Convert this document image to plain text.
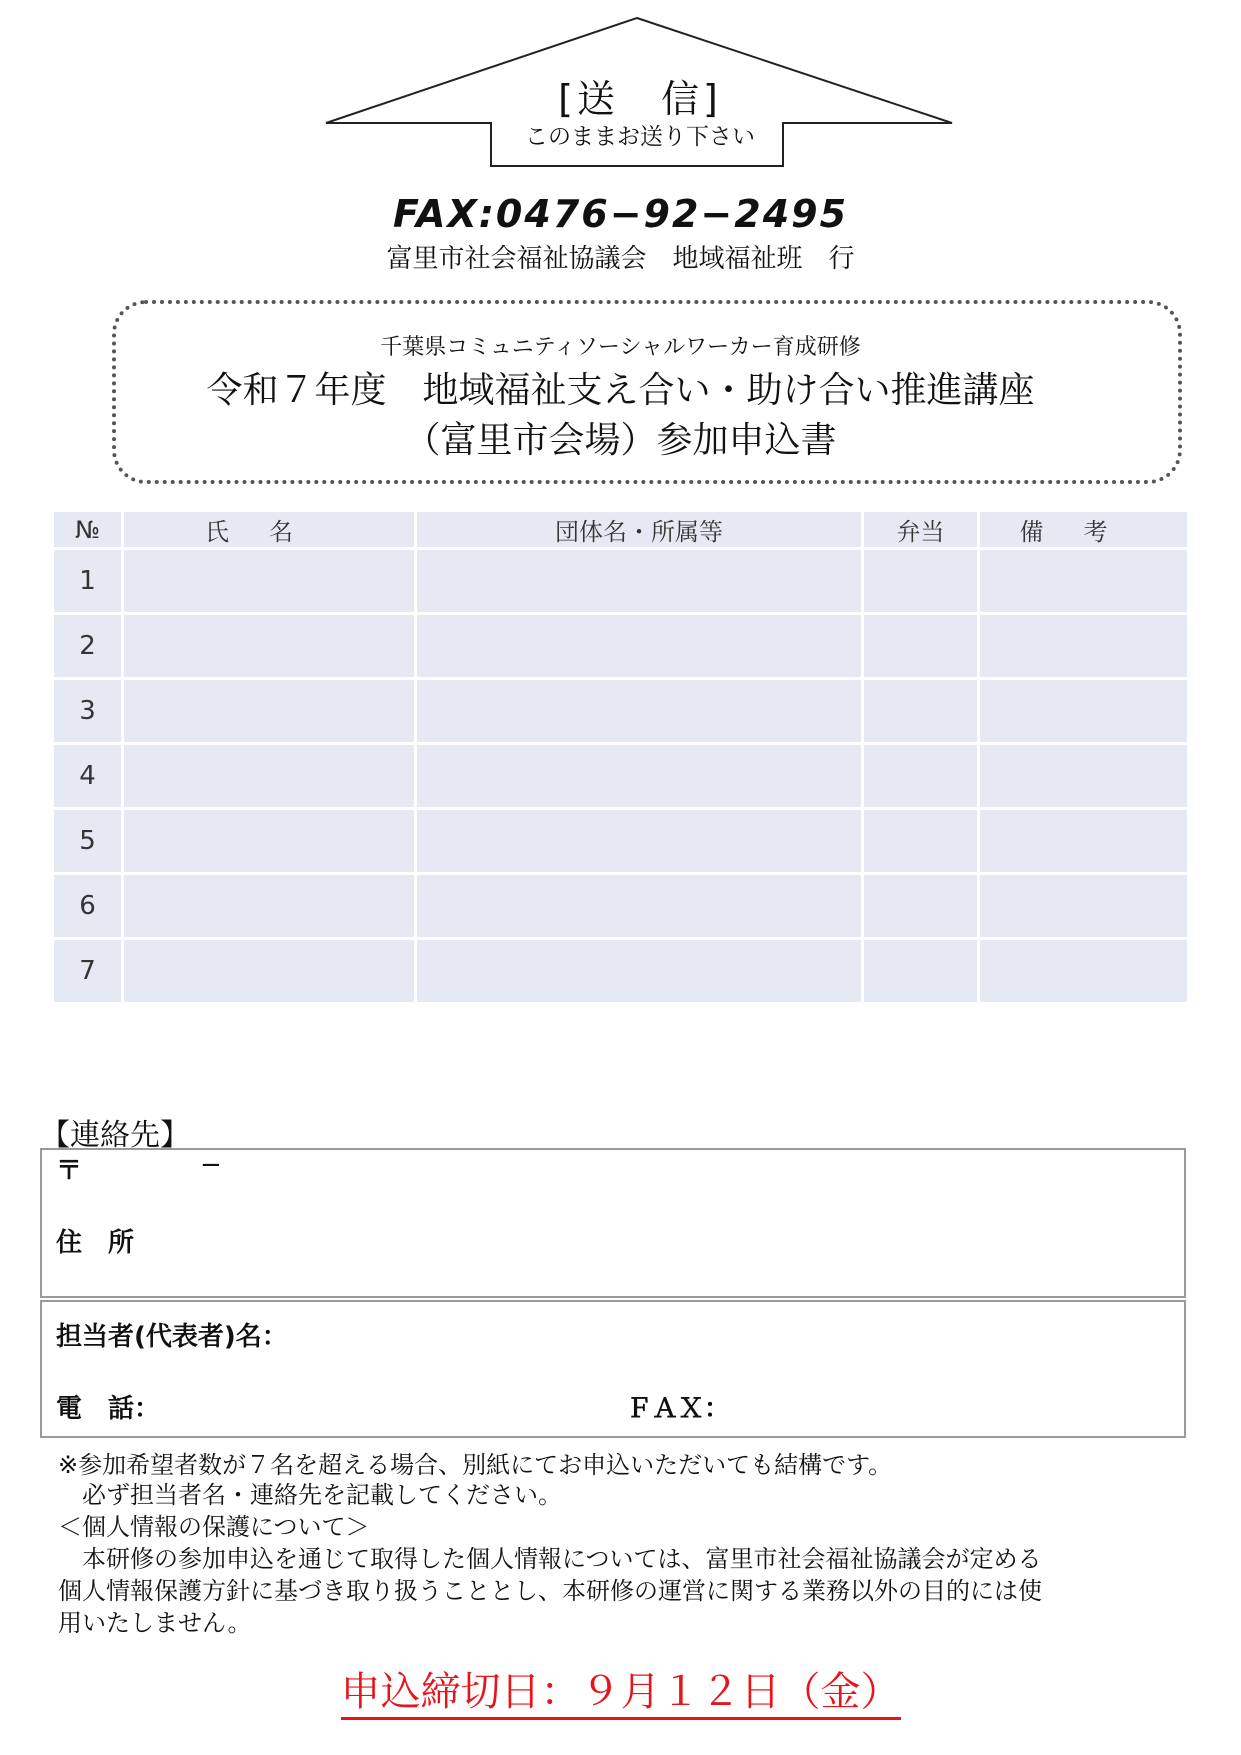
[送　信]
このままお送り下さい
FAX:0476−92−2495
富里市社会福祉協議会　地域福祉班　行
千葉県コミュニティソーシャルワーカー育成研修
令和７年度　地域福祉支え合い・助け合い推進講座
（富里市会場）参加申込書
№	氏名	団体名・所属等	弁当	備考
1				
2				
3				
4				
5				
6				
7				
【連絡先】
〒	−
住　所
担当者(代表者)名：
電　話：	ＦＡＸ：
※参加希望者数が７名を超える場合、別紙にてお申込いただいても結構です。
　必ず担当者名・連絡先を記載してください。
＜個人情報の保護について＞
　本研修の参加申込を通じて取得した個人情報については、富里市社会福祉協議会が定める
個人情報保護方針に基づき取り扱うこととし、本研修の運営に関する業務以外の目的には使
用いたしません。
申込締切日：９月１２日（金）
